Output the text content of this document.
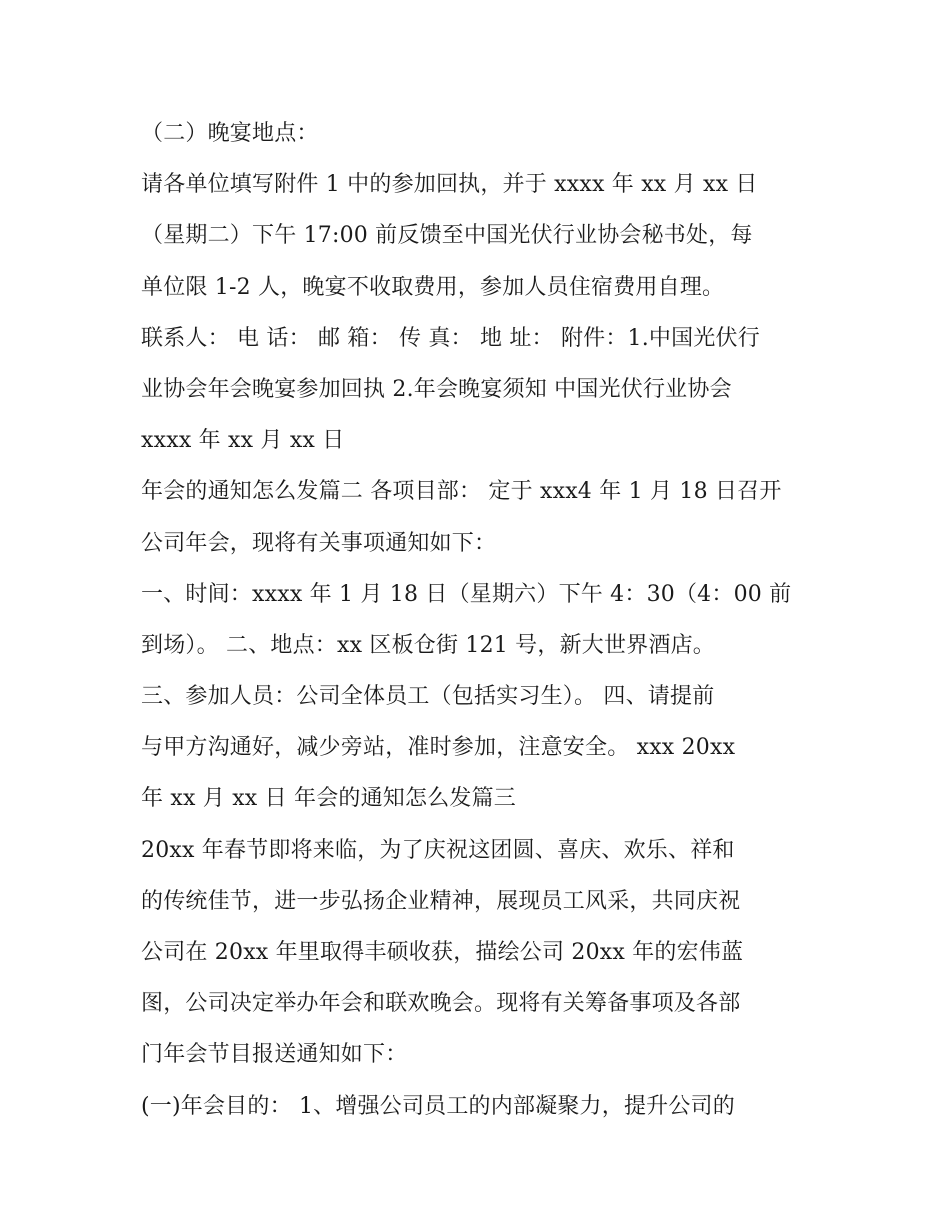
（二）晚宴地点：
请各单位填写附件 1 中的参加回执，并于 xxxx 年 xx 月 xx 日
（星期二）下午 17:00 前反馈至中国光伏行业协会秘书处，每
单位限 1-2 人，晚宴不收取费用，参加人员住宿费用自理。
联系人： 电 话： 邮 箱： 传 真： 地 址： 附件：1.中国光伏行
业协会年会晚宴参加回执 2.年会晚宴须知 中国光伏行业协会
xxxx 年 xx 月 xx 日
年会的通知怎么发篇二 各项目部： 定于 xxx4 年 1 月 18 日召开
公司年会，现将有关事项通知如下：
一、时间：xxxx 年 1 月 18 日（星期六）下午 4：30（4：00 前
到场）。 二、地点：xx 区板仓街 121 号，新大世界酒店。
三、参加人员：公司全体员工（包括实习生）。 四、请提前
与甲方沟通好，减少旁站，准时参加，注意安全。 xxx 20xx
年 xx 月 xx 日 年会的通知怎么发篇三
20xx 年春节即将来临，为了庆祝这团圆、喜庆、欢乐、祥和
的传统佳节，进一步弘扬企业精神，展现员工风采，共同庆祝
公司在 20xx 年里取得丰硕收获，描绘公司 20xx 年的宏伟蓝
图，公司决定举办年会和联欢晚会。现将有关筹备事项及各部
门年会节目报送通知如下：
(一)年会目的： 1、增强公司员工的内部凝聚力，提升公司的
